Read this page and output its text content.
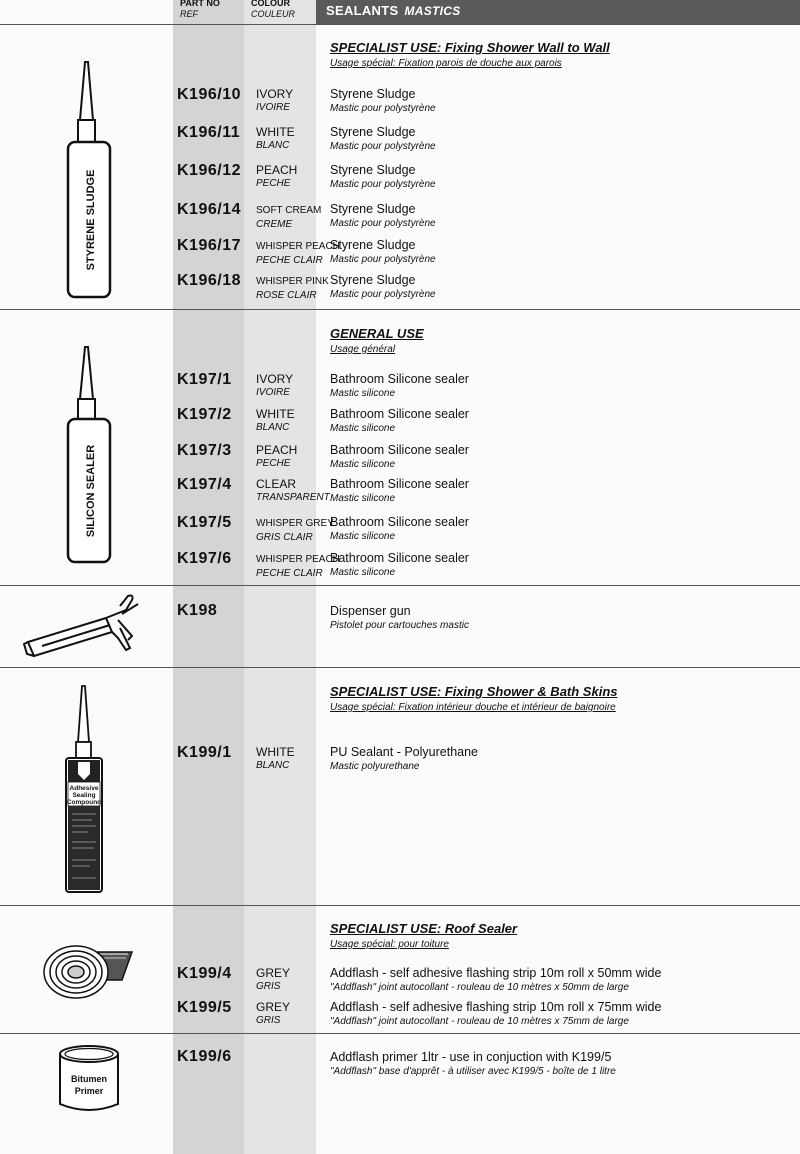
PART NO
REF
COLOUR
COULEUR SEALANTS MASTICS
STYRENE SLUDGE
SPECIALIST USE: Fixing Shower Wall to Wall
Usage spécial: Fixation parois de douche aux parois
K196/10 IVORY
IVOIRE
Styrene Sludge
Mastic pour polystyrène
K196/11 WHITE
BLANC
Styrene Sludge
Mastic pour polystyrène
K196/12 PEACH
PECHE
Styrene Sludge
Mastic pour polystyrène
K196/14 SOFT CREAM
CREME
Styrene Sludge
Mastic pour polystyrène
K196/17 WHISPER PEACH
PECHE CLAIR
Styrene Sludge
Mastic pour polystyrène
K196/18 WHISPER PINK
ROSE CLAIR
Styrene Sludge
Mastic pour polystyrène
SILICON SEALER
GENERAL USE
Usage général
K197/1 IVORY
IVOIRE
Bathroom Silicone sealer
Mastic silicone
K197/2 WHITE
BLANC
Bathroom Silicone sealer
Mastic silicone
K197/3 PEACH
PECHE
Bathroom Silicone sealer
Mastic silicone
K197/4 CLEAR
TRANSPARENT
Bathroom Silicone sealer
Mastic silicone
K197/5 WHISPER GREY
GRIS CLAIR
Bathroom Silicone sealer
Mastic silicone
K197/6 WHISPER PEACH
PECHE CLAIR
Bathroom Silicone sealer
Mastic silicone
K198	Dispenser gun
Pistolet pour cartouches mastic
Adhesive
Sealing
Compound
SPECIALIST USE: Fixing Shower & Bath Skins
Usage spécial: Fixation intérieur douche et intérieur de baignoire
K199/1 WHITE
BLANC
PU Sealant - Polyurethane
Mastic polyurethane
SPECIALIST USE: Roof Sealer
Usage spécial: pour toiture
K199/4 GREY
GRIS
Addflash - self adhesive flashing strip 10m roll x 50mm wide
"Addflash" joint autocollant - rouleau de 10 mètres x 50mm de large
K199/5 GREY
GRIS
Addflash - self adhesive flashing strip 10m roll x 75mm wide
"Addflash" joint autocollant - rouleau de 10 mètres x 75mm de large
Bitumen
Primer
K199/6	Addflash primer 1ltr - use in conjuction with K199/5
"Addflash" base d'apprêt - à utiliser avec K199/5 - boîte de 1 litre
